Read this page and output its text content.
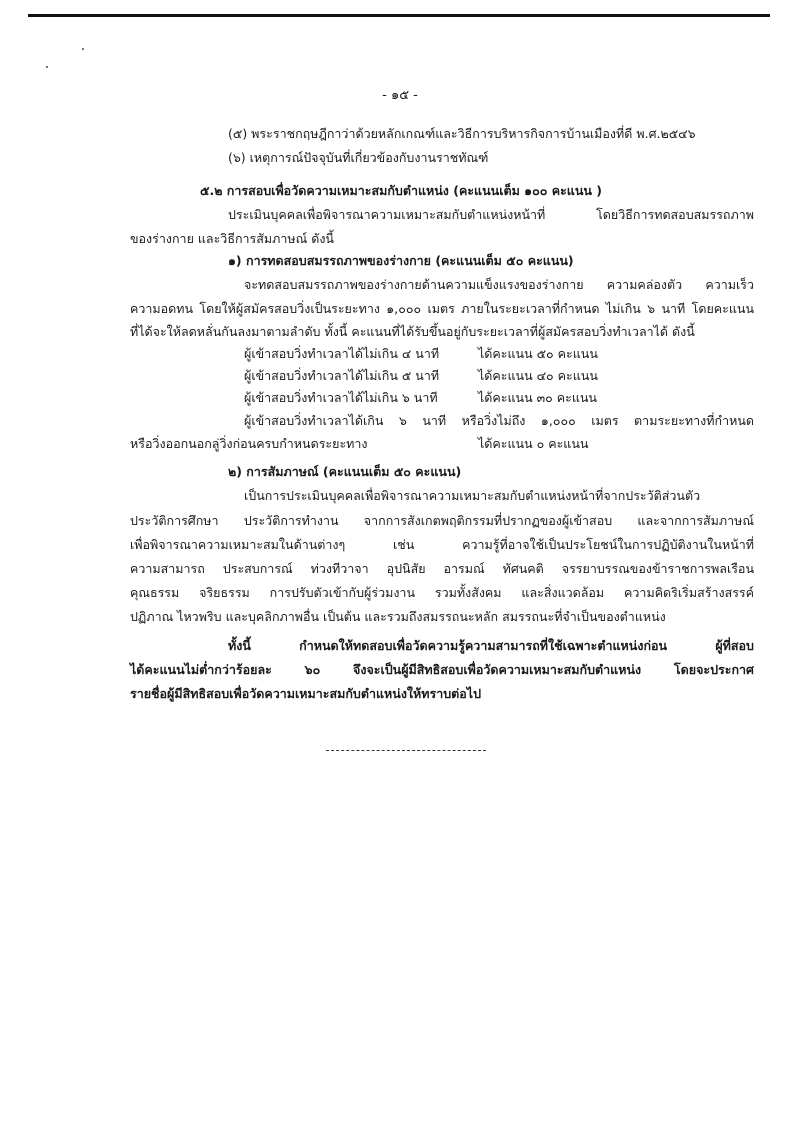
- ๑๕ -
(๕) พระราชกฤษฎีกาว่าด้วยหลักเกณฑ์และวิธีการบริหารกิจการบ้านเมืองที่ดี พ.ศ.๒๕๔๖
(๖) เหตุการณ์ปัจจุบันที่เกี่ยวข้องกับงานราชทัณฑ์
๕.๒ การสอบเพื่อวัดความเหมาะสมกับตำแหน่ง (คะแนนเต็ม ๑๐๐ คะแนน )
ประเมินบุคคลเพื่อพิจารณาความเหมาะสมกับตำแหน่งหน้าที่ โดยวิธีการทดสอบสมรรถภาพ
ของร่างกาย และวิธีการสัมภาษณ์ ดังนี้
๑) การทดสอบสมรรถภาพของร่างกาย (คะแนนเต็ม ๕๐ คะแนน)
จะทดสอบสมรรถภาพของร่างกายด้านความแข็งแรงของร่างกาย ความคล่องตัว ความเร็ว
ความอดทน โดยให้ผู้สมัครสอบวิ่งเป็นระยะทาง ๑,๐๐๐ เมตร ภายในระยะเวลาที่กำหนด ไม่เกิน ๖ นาที โดยคะแนน
ที่ได้จะให้ลดหลั่นกันลงมาตามลำดับ ทั้งนี้ คะแนนที่ได้รับขึ้นอยู่กับระยะเวลาที่ผู้สมัครสอบวิ่งทำเวลาได้ ดังนี้
ผู้เข้าสอบวิ่งทำเวลาได้ไม่เกิน ๔ นาที	ได้คะแนน ๕๐ คะแนน
ผู้เข้าสอบวิ่งทำเวลาได้ไม่เกิน ๕ นาที	ได้คะแนน ๔๐ คะแนน
ผู้เข้าสอบวิ่งทำเวลาได้ไม่เกิน ๖ นาที	ได้คะแนน ๓๐ คะแนน
ผู้เข้าสอบวิ่งทำเวลาได้เกิน ๖ นาที หรือวิ่งไม่ถึง ๑,๐๐๐ เมตร ตามระยะทางที่กำหนด
หรือวิ่งออกนอกลู่วิ่งก่อนครบกำหนดระยะทาง	ได้คะแนน ๐ คะแนน
๒) การสัมภาษณ์ (คะแนนเต็ม ๕๐ คะแนน)
เป็นการประเมินบุคคลเพื่อพิจารณาความเหมาะสมกับตำแหน่งหน้าที่จากประวัติส่วนตัว
ประวัติการศึกษา ประวัติการทำงาน จากการสังเกตพฤติกรรมที่ปรากฏของผู้เข้าสอบ และจากการสัมภาษณ์
เพื่อพิจารณาความเหมาะสมในด้านต่างๆ เช่น ความรู้ที่อาจใช้เป็นประโยชน์ในการปฏิบัติงานในหน้าที่
ความสามารถ ประสบการณ์ ท่วงทีวาจา อุปนิสัย อารมณ์ ทัศนคติ จรรยาบรรณของข้าราชการพลเรือน
คุณธรรม จริยธรรม การปรับตัวเข้ากับผู้ร่วมงาน รวมทั้งสังคม และสิ่งแวดล้อม ความคิดริเริ่มสร้างสรรค์
ปฏิภาณ ไหวพริบ และบุคลิกภาพอื่น เป็นต้น และรวมถึงสมรรถนะหลัก สมรรถนะที่จำเป็นของตำแหน่ง
ทั้งนี้ กำหนดให้ทดสอบเพื่อวัดความรู้ความสามารถที่ใช้เฉพาะตำแหน่งก่อน ผู้ที่สอบ
ได้คะแนนไม่ต่ำกว่าร้อยละ ๖๐ จึงจะเป็นผู้มีสิทธิสอบเพื่อวัดความเหมาะสมกับตำแหน่ง โดยจะประกาศ
รายชื่อผู้มีสิทธิสอบเพื่อวัดความเหมาะสมกับตำแหน่งให้ทราบต่อไป
